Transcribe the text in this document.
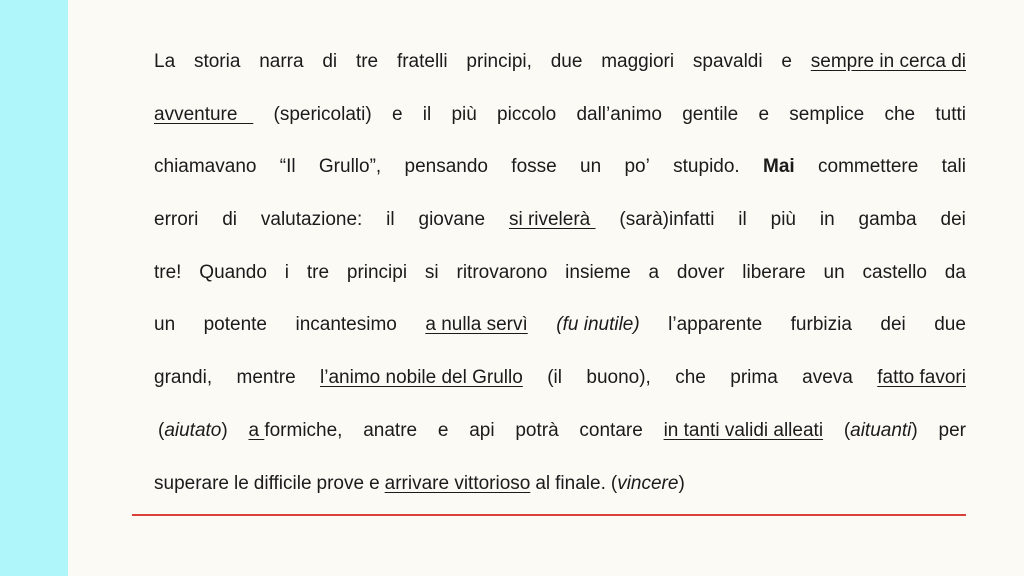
La storia narra di tre fratelli principi, due maggiori spavaldi e sempre in cerca di
avventure (spericolati) e il più piccolo dall’animo gentile e semplice che tutti
chiamavano “Il Grullo”, pensando fosse un po’ stupido. Mai commettere tali
errori di valutazione: il giovane si rivelerà (sarà)infatti il più in gamba dei
tre! Quando i tre principi si ritrovarono insieme a dover liberare un castello da
un potente incantesimo a nulla servì (fu inutile) l’apparente furbizia dei due
grandi, mentre l’animo nobile del Grullo (il buono), che prima aveva fatto favori
(aiutato) a formiche, anatre e api potrà contare in tanti validi alleati (aituanti) per
superare le difficile prove e arrivare vittorioso al finale. (vincere)
